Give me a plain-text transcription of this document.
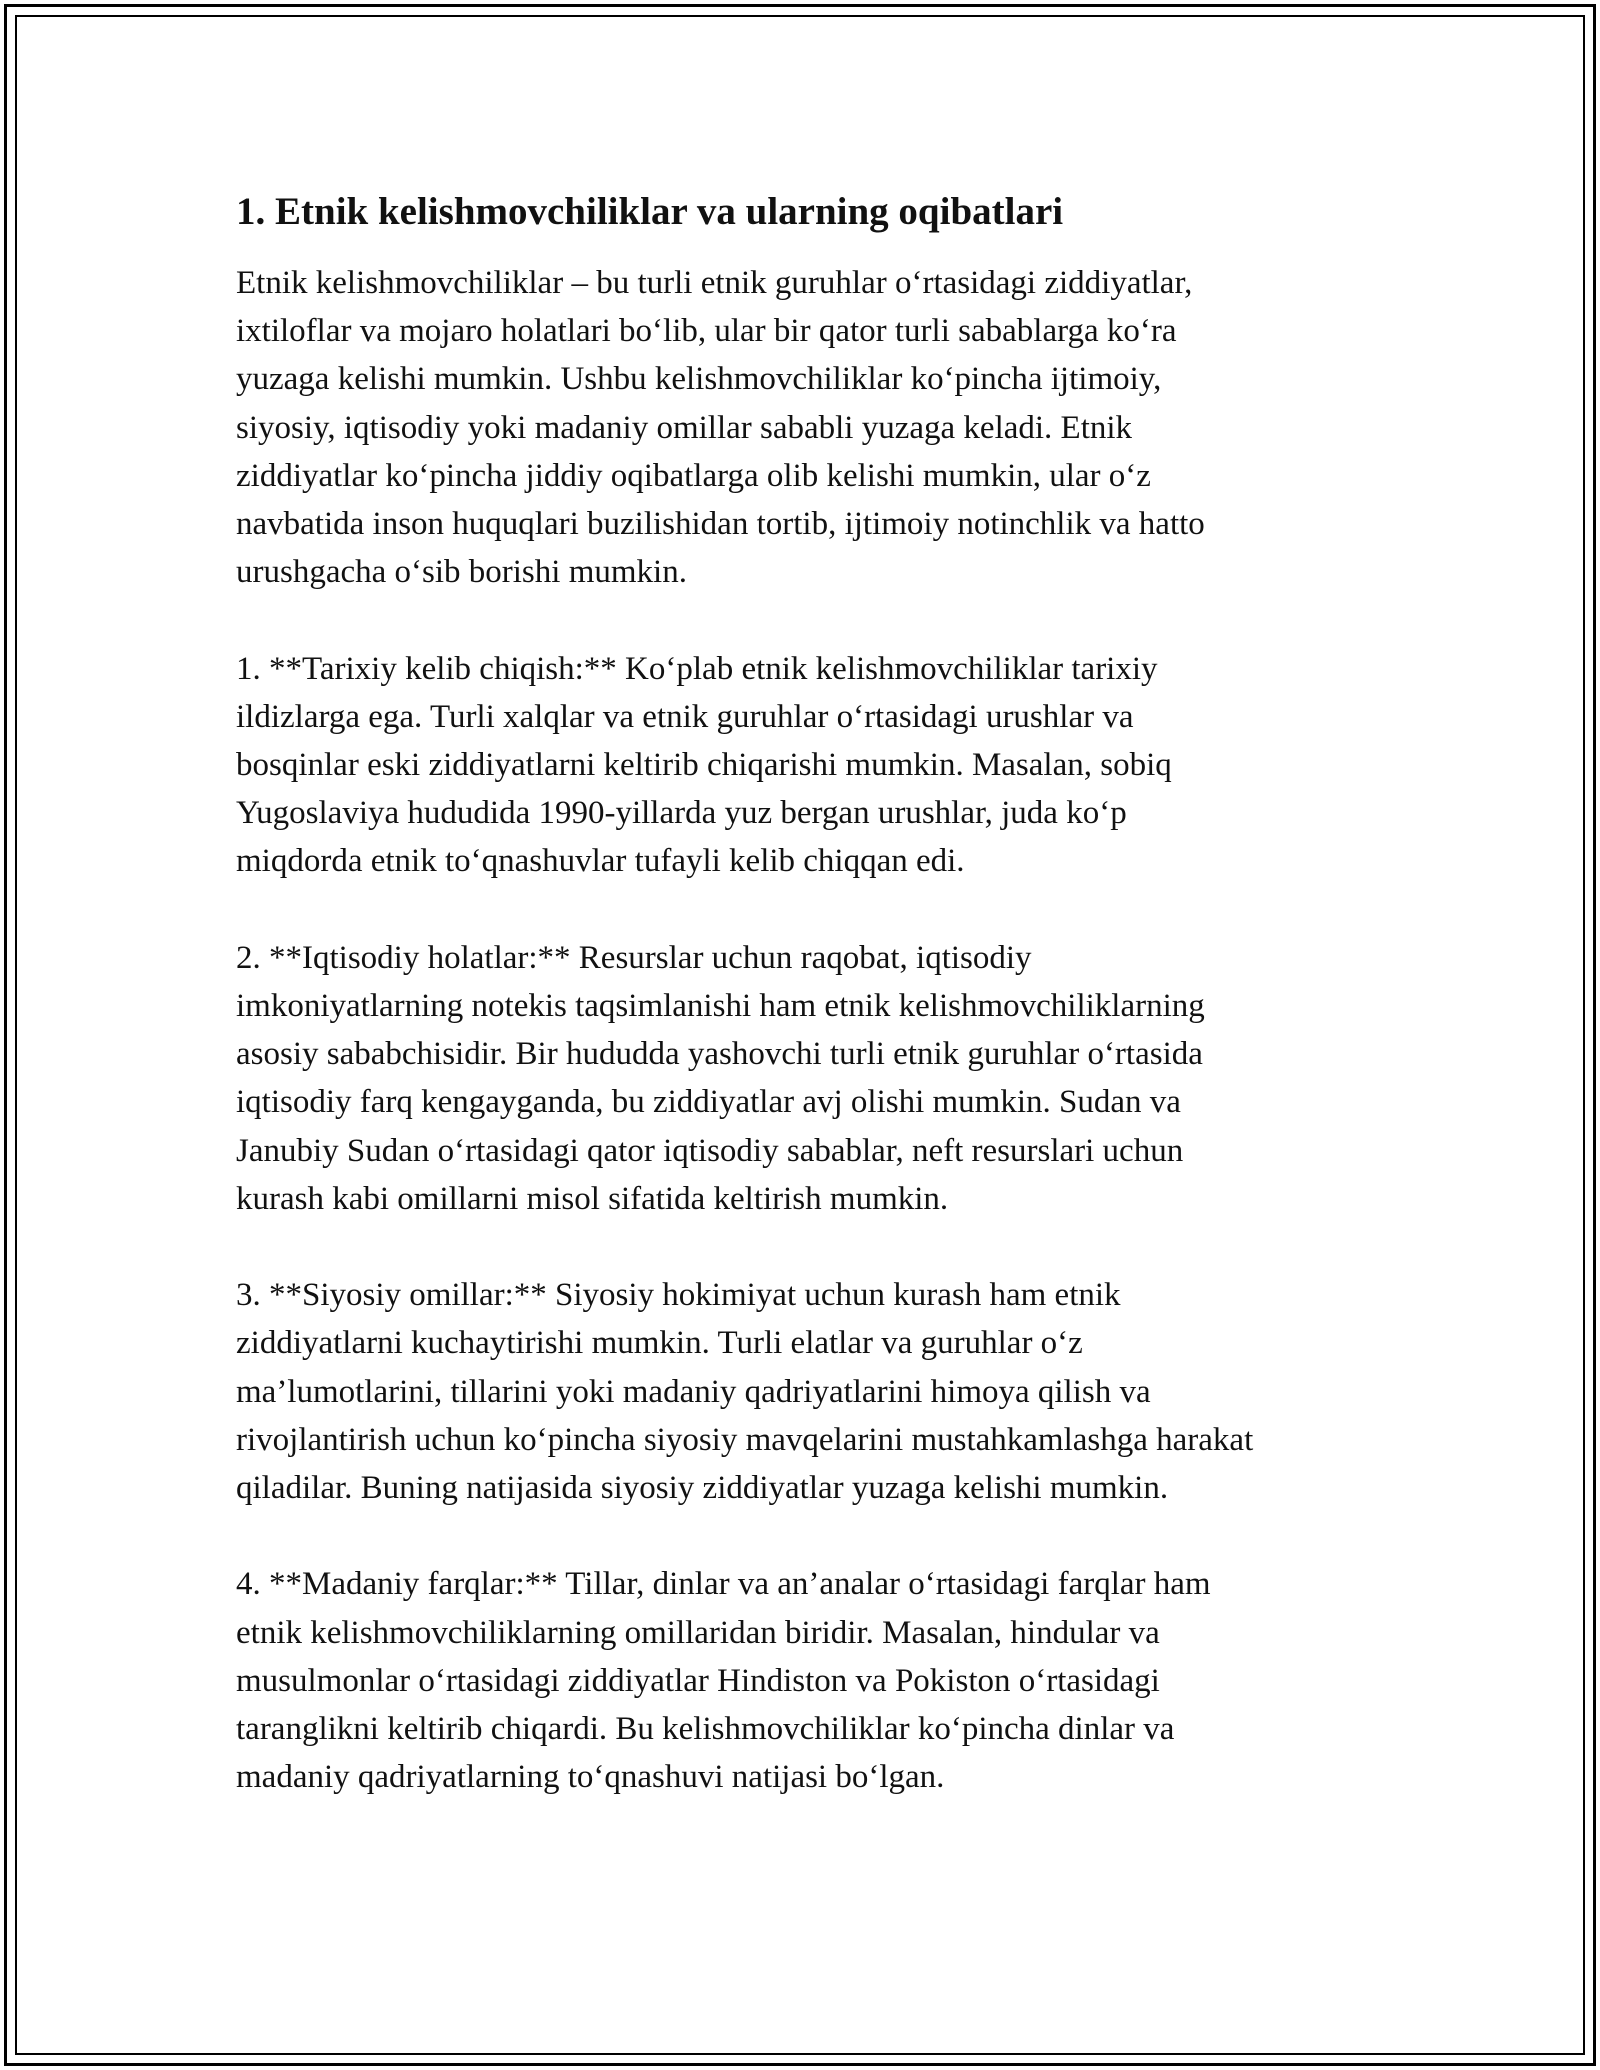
1. Etnik kelishmovchiliklar va ularning oqibatlari
Etnik kelishmovchiliklar – bu turli etnik guruhlar o‘rtasidagi ziddiyatlar,
ixtiloflar va mojaro holatlari bo‘lib, ular bir qator turli sabablarga ko‘ra
yuzaga kelishi mumkin. Ushbu kelishmovchiliklar ko‘pincha ijtimoiy,
siyosiy, iqtisodiy yoki madaniy omillar sababli yuzaga keladi. Etnik
ziddiyatlar ko‘pincha jiddiy oqibatlarga olib kelishi mumkin, ular o‘z
navbatida inson huquqlari buzilishidan tortib, ijtimoiy notinchlik va hatto
urushgacha o‘sib borishi mumkin.
1. **Tarixiy kelib chiqish:** Ko‘plab etnik kelishmovchiliklar tarixiy
ildizlarga ega. Turli xalqlar va etnik guruhlar o‘rtasidagi urushlar va
bosqinlar eski ziddiyatlarni keltirib chiqarishi mumkin. Masalan, sobiq
Yugoslaviya hududida 1990-yillarda yuz bergan urushlar, juda ko‘p
miqdorda etnik to‘qnashuvlar tufayli kelib chiqqan edi.
2. **Iqtisodiy holatlar:** Resurslar uchun raqobat, iqtisodiy
imkoniyatlarning notekis taqsimlanishi ham etnik kelishmovchiliklarning
asosiy sababchisidir. Bir hududda yashovchi turli etnik guruhlar o‘rtasida
iqtisodiy farq kengayganda, bu ziddiyatlar avj olishi mumkin. Sudan va
Janubiy Sudan o‘rtasidagi qator iqtisodiy sabablar, neft resurslari uchun
kurash kabi omillarni misol sifatida keltirish mumkin.
3. **Siyosiy omillar:** Siyosiy hokimiyat uchun kurash ham etnik
ziddiyatlarni kuchaytirishi mumkin. Turli elatlar va guruhlar o‘z
ma’lumotlarini, tillarini yoki madaniy qadriyatlarini himoya qilish va
rivojlantirish uchun ko‘pincha siyosiy mavqelarini mustahkamlashga harakat
qiladilar. Buning natijasida siyosiy ziddiyatlar yuzaga kelishi mumkin.
4. **Madaniy farqlar:** Tillar, dinlar va an’analar o‘rtasidagi farqlar ham
etnik kelishmovchiliklarning omillaridan biridir. Masalan, hindular va
musulmonlar o‘rtasidagi ziddiyatlar Hindiston va Pokiston o‘rtasidagi
taranglikni keltirib chiqardi. Bu kelishmovchiliklar ko‘pincha dinlar va
madaniy qadriyatlarning to‘qnashuvi natijasi bo‘lgan.
